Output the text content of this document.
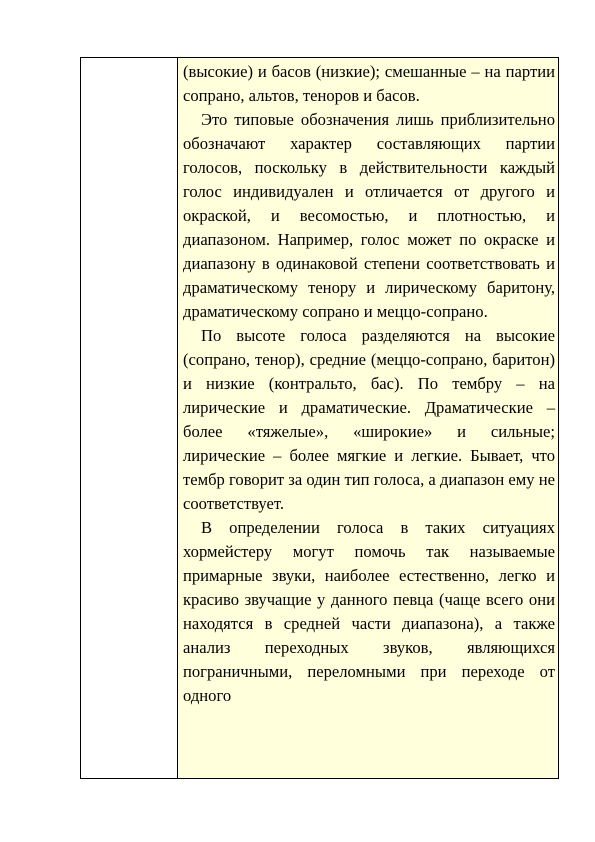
(высокие) и басов (низкие); смешанные – на партии сопрано, альтов, теноров и басов.

Это типовые обозначения лишь приблизительно обозначают характер составляющих партии голосов, поскольку в действительности каждый голос индивидуален и отличается от другого и окраской, и весомостью, и плотностью, и диапазоном. Например, голос может по окраске и диапазону в одинаковой степени соответствовать и драматическому тенору и лирическому баритону, драматическому сопрано и меццо-сопрано.

По высоте голоса разделяются на высокие (сопрано, тенор), средние (меццо-сопрано, баритон) и низкие (контральто, бас). По тембру – на лирические и драматические. Драматические – более «тяжелые», «широкие» и сильные; лирические – более мягкие и легкие. Бывает, что тембр говорит за один тип голоса, а диапазон ему не соответствует.

В определении голоса в таких ситуациях хормейстеру могут помочь так называемые примарные звуки, наиболее естественно, легко и красиво звучащие у данного певца (чаще всего они находятся в средней части диапазона), а также анализ переходных звуков, являющихся пограничными, переломными при переходе от одного
